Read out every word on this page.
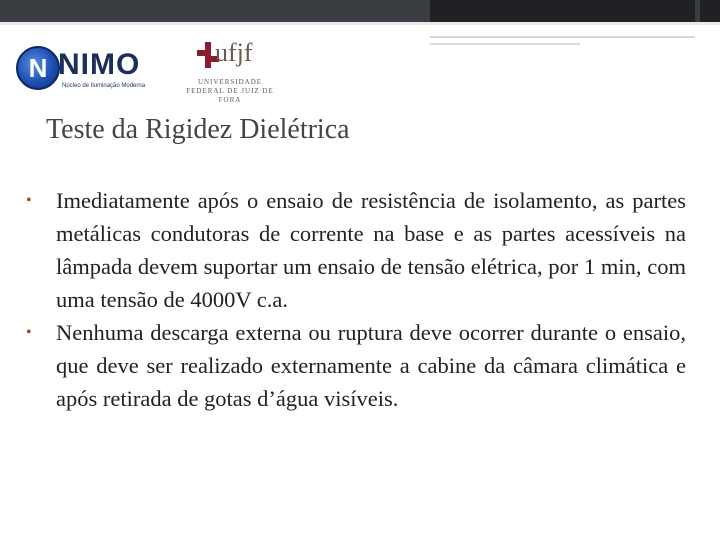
N NIMO
Núcleo de Iluminação Moderna
ufjf
UNIVERSIDADE
FEDERAL DE JUIZ DE FORA
Teste da Rigidez Dielétrica
• Imediatamente após o ensaio de resistência de isolamento, as partes metálicas condutoras de corrente na base e as partes acessíveis na lâmpada devem suportar um ensaio de tensão elétrica, por 1 min, com uma tensão de 4000V c.a.
• Nenhuma descarga externa ou ruptura deve ocorrer durante o ensaio, que deve ser realizado externamente a cabine da câmara climática e após retirada de gotas d’água visíveis.
